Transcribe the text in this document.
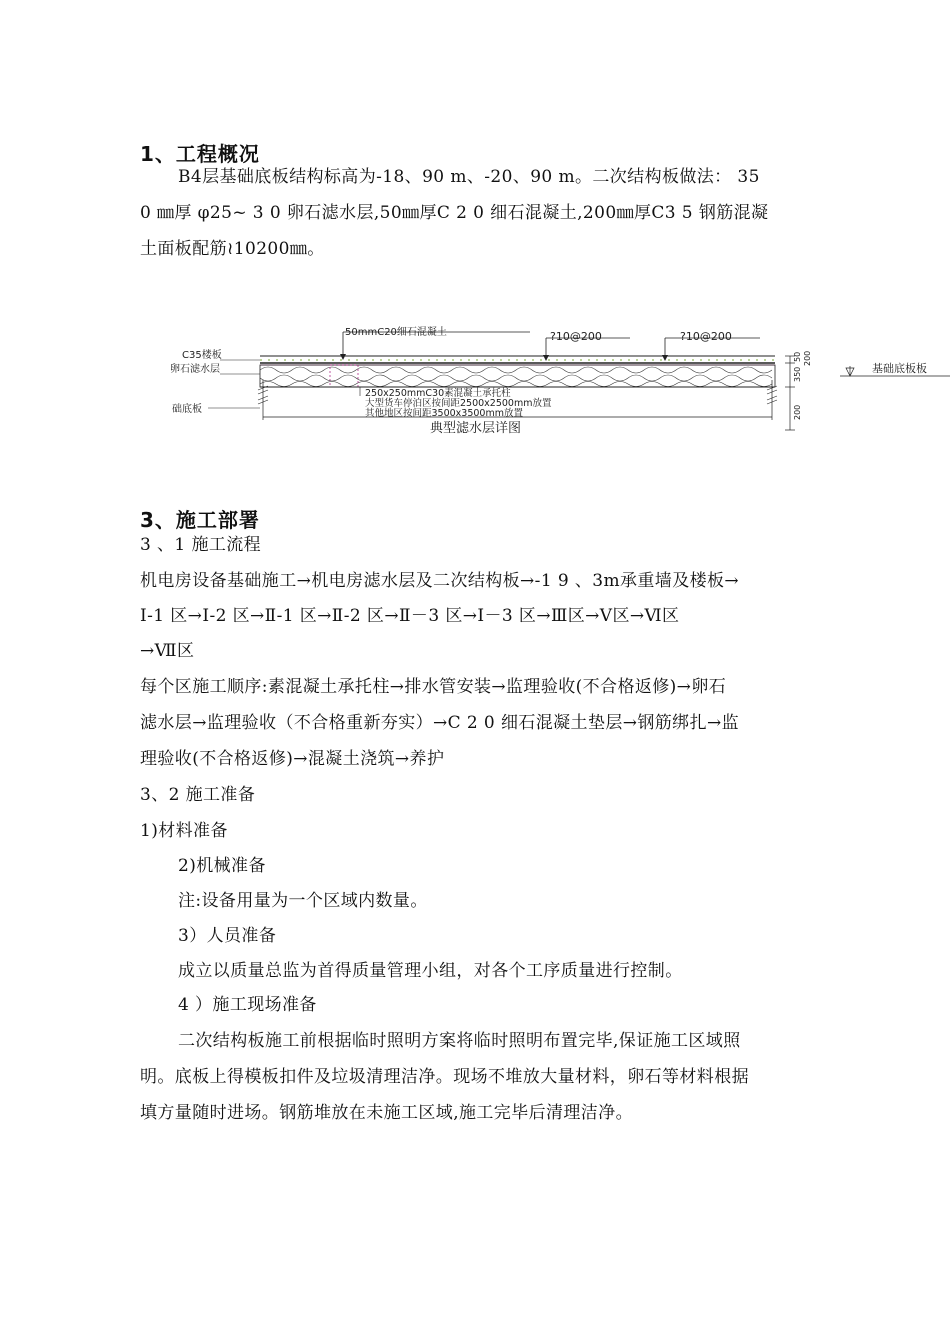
1、工程概况
B4层基础底板结构标高为-18、90 m、-20、90 m。二次结构板做法： 35
0 ㎜厚 φ25~ 3 0 卵石滤水层,50㎜厚C 2 0 细石混凝土,200㎜厚C3 5 钢筋混凝
土面板配筋≀10200㎜。
50mmC20细石混凝土	?10@200	?10@200
C35楼板
卵石滤水层
础底板
250x250mmC30素混凝土承托柱
大型货车停泊区按间距2500x2500mm放置
其他地区按间距3500x3500mm放置
50 200
350
200
基础底板板
典型滤水层详图
3、施工部署
3 、1 施工流程
机电房设备基础施工→机电房滤水层及二次结构板→-1 9 、3m承重墙及楼板→
Ⅰ-1 区→Ⅰ-2 区→Ⅱ-1 区→Ⅱ-2 区→Ⅱ－3 区→Ⅰ－3 区→Ⅲ区→Ⅴ区→Ⅵ区
→Ⅶ区
每个区施工顺序:素混凝土承托柱→排水管安装→监理验收(不合格返修)→卵石
滤水层→监理验收（不合格重新夯实）→C 2 0 细石混凝土垫层→钢筋绑扎→监
理验收(不合格返修)→混凝土浇筑→养护
3、2 施工准备
1)材料准备
2)机械准备
注:设备用量为一个区域内数量。
3）人员准备
成立以质量总监为首得质量管理小组，对各个工序质量进行控制。
4 ）施工现场准备
二次结构板施工前根据临时照明方案将临时照明布置完毕,保证施工区域照
明。底板上得模板扣件及垃圾清理洁净。现场不堆放大量材料，卵石等材料根据
填方量随时进场。钢筋堆放在未施工区域,施工完毕后清理洁净。
